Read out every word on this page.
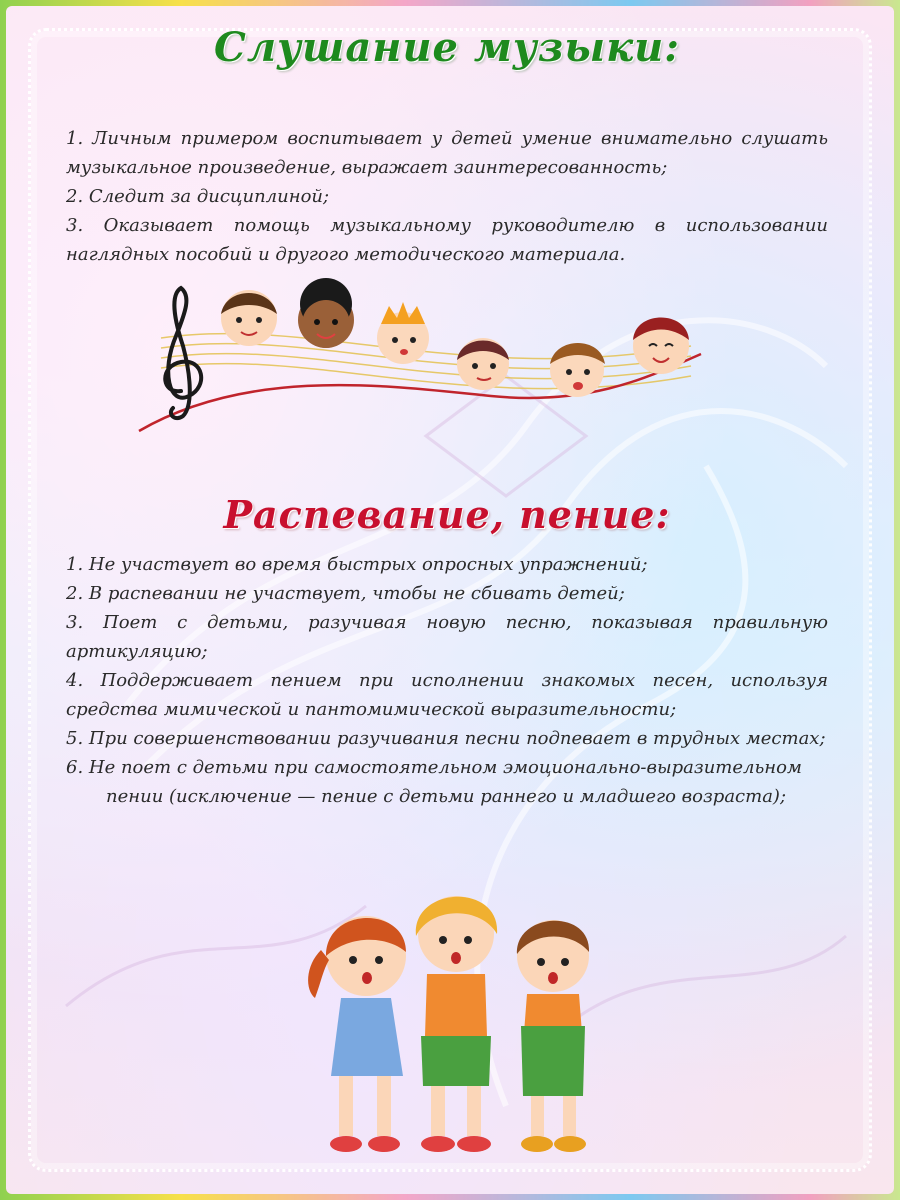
Слушание музыки:

1. Личным примером воспитывает у детей умение внимательно слушать музыкальное произведение, выражает заинтересованность;

2. Следит за дисциплиной;

3. Оказывает помощь музыкальному руководителю в использовании наглядных пособий и другого методического материала.

Распевание, пение:

1. Не участвует во время быстрых опросных упражнений;

2. В распевании не участвует, чтобы не сбивать детей;

3. Поет с детьми, разучивая новую песню, показывая правильную артикуляцию;

4. Поддерживает пением при исполнении знакомых песен, используя средства мимической и пантомимической выразительности;

5. При совершенствовании разучивания песни подпевает в трудных местах;

6. Не поет с детьми при самостоятельном эмоционально-выразительном

пении (исключение — пение с детьми раннего и младшего возраста);
